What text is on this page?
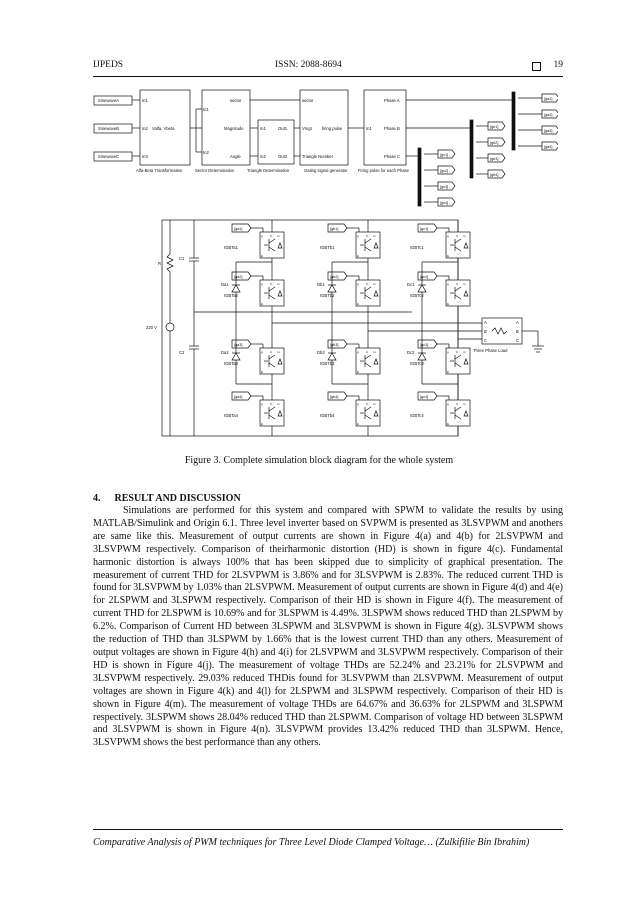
IJPEDS	ISSN: 2088-8694	19
SinewaveA
SinewaveB
SinewaveC
In1
In2
In3
Valfa, Vbeta
Alfa-Beta Transformation
In1
sector
In2
Magnitude
Angle
Sector Determination
In1	Out1
In2	Out2
Triangle Determination
sector
Vmgt
Triangle Number
firing pulse
Gating signal generator
In1
Phase A
Phase B
Phase C
Firing pulse for each Phase
[ga1]
[ga2]
[ga3]
[ga4]
[gb1]
[gb2]
[gb3]
[gb4]
[gc1]
[gc2]
[gc3]
[gc4]
220 V
R
C1
C2
g
E
C m
IGBTa1
[ga1]
g
E
C m
IGBTa2
[ga2]
g
E
C m
IGBTa3
[ga3]
g
E
C m
IGBTa4
[ga4]
Da1
Da2
g
E
C m
IGBTb1
[gb1]
g
E
C m
IGBTb2
[gb2]
g
E
C m
IGBTb3
[gb3]
g
E
C m
IGBTb4
[gb4]
Db1
Db2
g
E
C m
IGBTc1
[gc1]
g
E
C m
IGBTc2
[gc2]
g
E
C m
IGBTc3
[gc3]
g
E
C m
IGBTc4
[gc4]
Dc1
Dc2
A
B
C
A
B
C
Three Phase Load
Figure 3. Complete simulation block diagram for the whole system
4. RESULT AND DISCUSSION

Simulations are performed for this system and compared with SPWM to validate the results by using MATLAB/Simulink and Origin 6.1. Three level inverter based on SVPWM is presented as 3LSVPWM and anothers are same like this. Measurement of output currents are shown in Figure 4(a) and 4(b) for 2LSVPWM and 3LSVPWM respectively. Comparison of theirharmonic distortion (HD) is shown in figure 4(c). Fundamental harmonic distortion is always 100% that has been skipped due to simplicity of graphical presentation. The measurement of current THD for 2LSVPWM is 3.86% and for 3LSVPWM is 2.83%. The reduced current THD is found for 3LSVPWM by 1.03% than 2LSVPWM. Measurement of output currents are shown in Figure 4(d) and 4(e) for 2LSPWM and 3LSPWM respectively. Comparison of their HD is shown in Figure 4(f). The measurement of current THD for 2LSPWM is 10.69% and for 3LSPWM is 4.49%. 3LSPWM shows reduced THD than 2LSPWM by 6.2%. Comparison of Current HD between 3LSPWM and 3LSVPWM is shown in Figure 4(g). 3LSVPWM shows the reduction of THD than 3LSPWM by 1.66% that is the lowest current THD than any others. Measurement of output voltages are shown in Figure 4(h) and 4(i) for 2LSVPWM and 3LSVPWM respectively. Comparison of their HD is shown in Figure 4(j). The measurement of voltage THDs are 52.24% and 23.21% for 2LSVPWM and 3LSVPWM respectively. 29.03% reduced THDis found for 3LSVPWM than 2LSVPWM. Measurement of output voltages are shown in Figure 4(k) and 4(l) for 2LSPWM and 3LSPWM respectively. Comparison of their HD is shown in Figure 4(m). The measurement of voltage THDs are 64.67% and 36.63% for 2LSPWM and 3LSPWM respectively. 3LSPWM shows 28.04% reduced THD than 2LSPWM. Comparison of voltage HD between 3LSPWM and 3LSVPWM is shown in Figure 4(n). 3LSVPWM provides 13.42% reduced THD than 3LSPWM. Hence, 3LSVPWM shows the best performance than any others.

Comparative Analysis of PWM techniques for Three Level Diode Clamped Voltage… (Zulkifilie Bin Ibrahim)
